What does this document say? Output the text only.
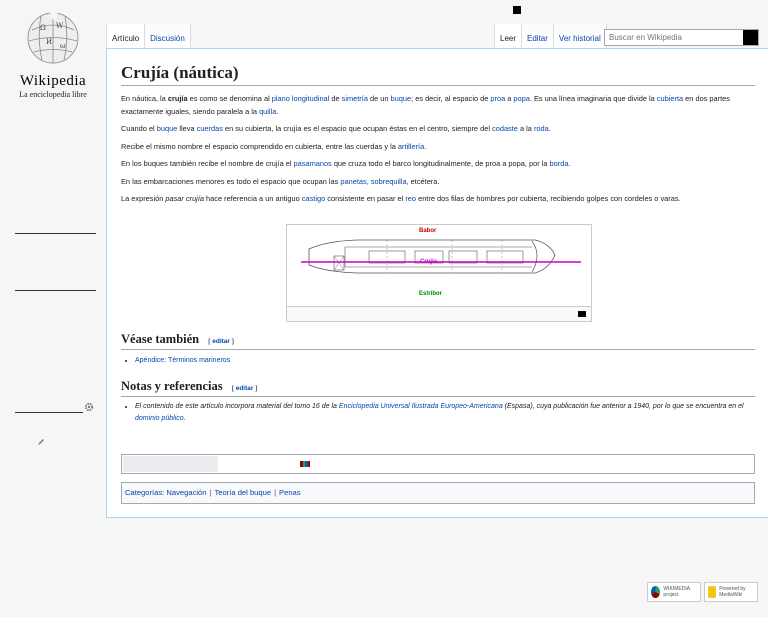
Ω W
И ω
Wikipedia
La enciclopedia libre
Artículo	Discusión	Leer	Editar	Ver historial	Buscar en Wikipedia
Crujía (náutica)

En náutica, la crujía es como se denomina al plano longitudinal de simetría de un buque; es decir, al espacio de proa a popa. Es una línea imaginaria que divide la cubierta en dos partes exactamente iguales, siendo paralela a la quilla.

Cuando el buque lleva cuerdas en su cubierta, la crujía es el espacio que ocupan éstas en el centro, siempre del codaste a la roda.

Recibe el mismo nombre el espacio comprendido en cubierta, entre las cuerdas y la artillería.

En los buques también recibe el nombre de crujía el pasamanos que cruza todo el barco longitudinalmente, de proa a popa, por la borda.

En las embarcaciones menores es todo el espacio que ocupan las panetas, sobrequilla, etcétera.

La expresión pasar crujía hace referencia a un antiguo castigo consistente en pasar el reo entre dos filas de hombres por cubierta, recibiendo golpes con cordeles o varas.

Babor
Crujía
Estribor
Véase también [ editar ]
• Apéndice: Términos marineros
Notas y referencias [ editar ]
• El contenido de este artículo incorpora material del tomo 16 de la Enciclopedia Universal Ilustrada Europeo-Americana (Espasa), cuya publicación fue anterior a 1940, por lo que se encuentra en el dominio público.
Categorías: Navegación | Teoría del buque | Penas
WIKIMEDIA project
Powered by MediaWiki
